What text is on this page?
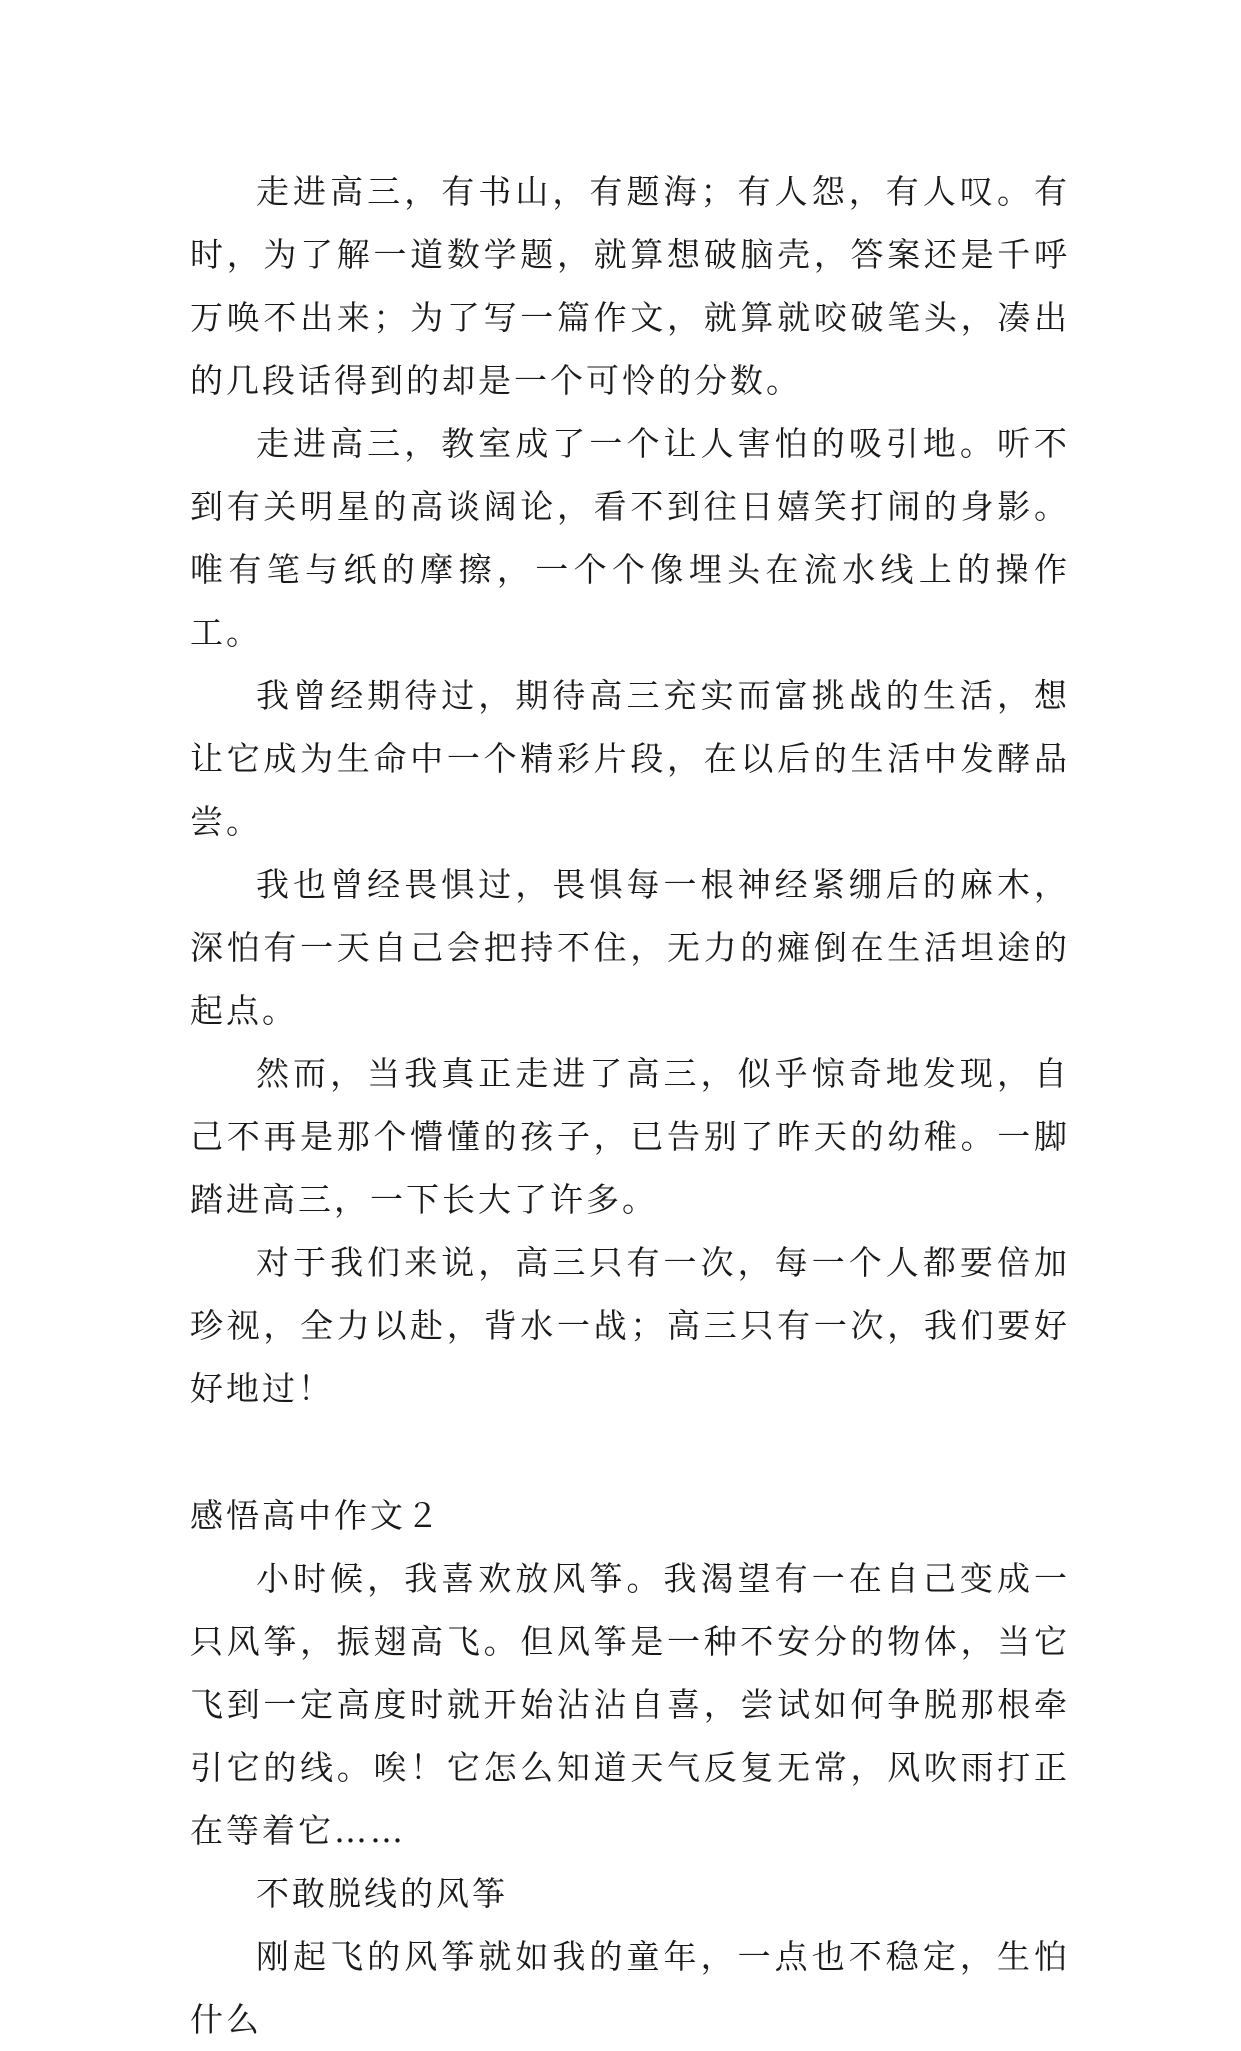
走进高三，有书山，有题海；有人怨，有人叹。有时，为了解一道数学题，就算想破脑壳，答案还是千呼万唤不出来；为了写一篇作文，就算就咬破笔头，凑出的几段话得到的却是一个可怜的分数。

走进高三，教室成了一个让人害怕的吸引地。听不到有关明星的高谈阔论，看不到往日嬉笑打闹的身影。唯有笔与纸的摩擦，一个个像埋头在流水线上的操作工。

我曾经期待过，期待高三充实而富挑战的生活，想让它成为生命中一个精彩片段，在以后的生活中发酵品尝。

我也曾经畏惧过，畏惧每一根神经紧绷后的麻木，深怕有一天自己会把持不住，无力的瘫倒在生活坦途的起点。

然而，当我真正走进了高三，似乎惊奇地发现，自己不再是那个懵懂的孩子，已告别了昨天的幼稚。一脚踏进高三，一下长大了许多。

对于我们来说，高三只有一次，每一个人都要倍加珍视，全力以赴，背水一战；高三只有一次，我们要好好地过！

感悟高中作文２

小时候，我喜欢放风筝。我渴望有一在自己变成一只风筝，振翅高飞。但风筝是一种不安分的物体，当它飞到一定高度时就开始沾沾自喜，尝试如何争脱那根牵引它的线。唉！它怎么知道天气反复无常，风吹雨打正在等着它……

不敢脱线的风筝

刚起飞的风筝就如我的童年，一点也不稳定，生怕什么
